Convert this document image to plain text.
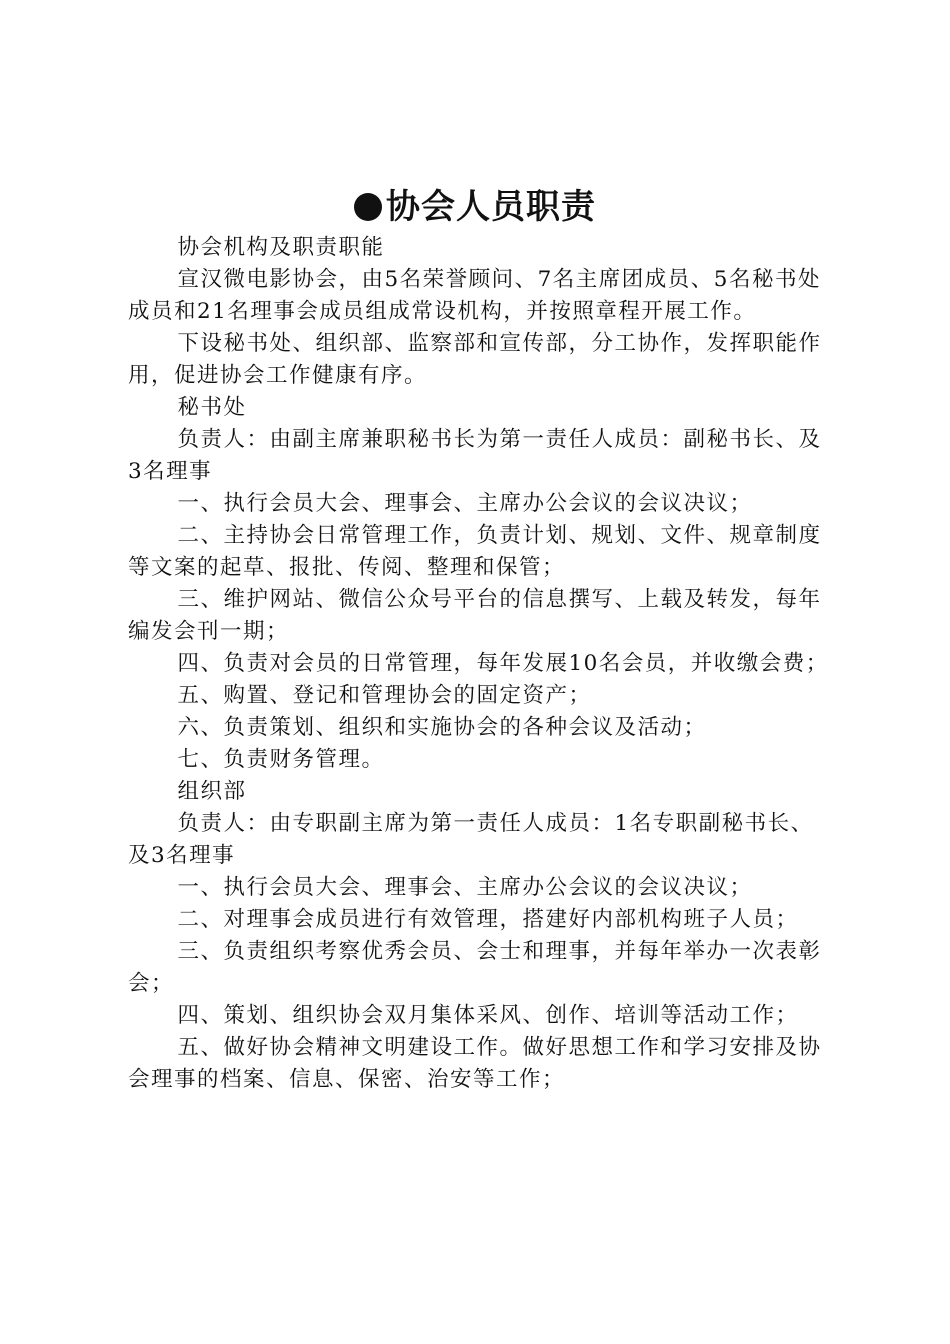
协会人员职责

协会机构及职责职能

宣汉微电影协会，由5名荣誉顾问、7名主席团成员、5名秘书处成员和21名理事会成员组成常设机构，并按照章程开展工作。

下设秘书处、组织部、监察部和宣传部，分工协作，发挥职能作用，促进协会工作健康有序。

秘书处

负责人：由副主席兼职秘书长为第一责任人成员：副秘书长、及3名理事

一、执行会员大会、理事会、主席办公会议的会议决议；

二、主持协会日常管理工作，负责计划、规划、文件、规章制度等文案的起草、报批、传阅、整理和保管；

三、维护网站、微信公众号平台的信息撰写、上载及转发，每年编发会刊一期；

四、负责对会员的日常管理，每年发展10名会员，并收缴会费；

五、购置、登记和管理协会的固定资产；

六、负责策划、组织和实施协会的各种会议及活动；

七、负责财务管理。

组织部

负责人：由专职副主席为第一责任人成员：1名专职副秘书长、及3名理事

一、执行会员大会、理事会、主席办公会议的会议决议；

二、对理事会成员进行有效管理，搭建好内部机构班子人员；

三、负责组织考察优秀会员、会士和理事，并每年举办一次表彰会；

四、策划、组织协会双月集体采风、创作、培训等活动工作；

五、做好协会精神文明建设工作。做好思想工作和学习安排及协会理事的档案、信息、保密、治安等工作；
